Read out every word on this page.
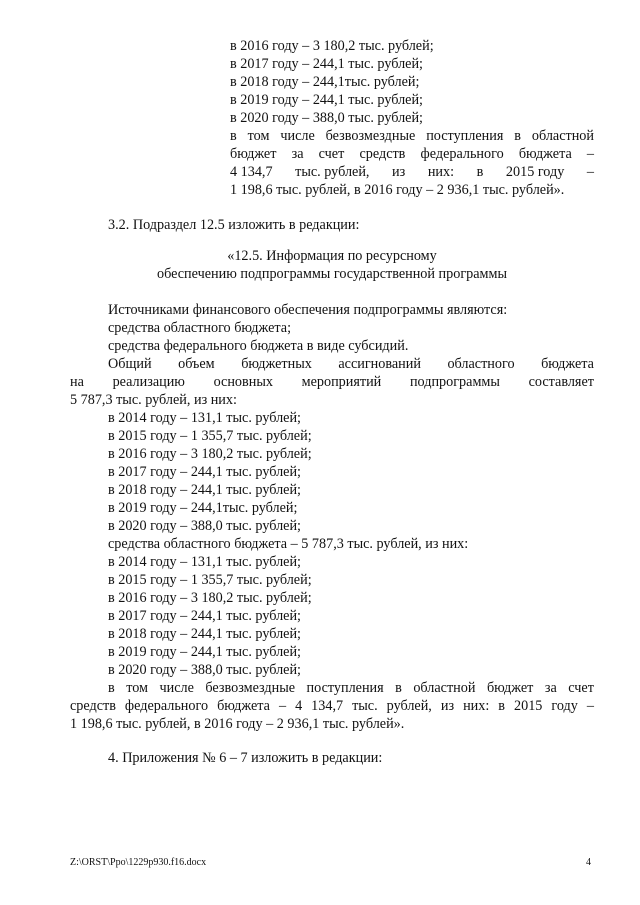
в 2016 году – 3 180,2 тыс. рублей;
в 2017 году – 244,1 тыс. рублей;
в 2018 году – 244,1тыс. рублей;
в 2019 году – 244,1 тыс. рублей;
в 2020 году – 388,0 тыс. рублей;
в том числе безвозмездные поступления в областной
бюджет за счет средств федерального бюджета –
4 134,7 тыс. рублей, из них: в 2015 году –
1 198,6 тыс. рублей, в 2016 году – 2 936,1 тыс. рублей».
3.2. Подраздел 12.5 изложить в редакции:
«12.5. Информация по ресурсному
обеспечению подпрограммы государственной программы
Источниками финансового обеспечения подпрограммы являются:
средства областного бюджета;
средства федерального бюджета в виде субсидий.
Общий объем бюджетных ассигнований областного бюджета
на реализацию основных мероприятий подпрограммы составляет
5 787,3 тыс. рублей, из них:
в 2014 году – 131,1 тыс. рублей;
в 2015 году – 1 355,7 тыс. рублей;
в 2016 году – 3 180,2 тыс. рублей;
в 2017 году – 244,1 тыс. рублей;
в 2018 году – 244,1 тыс. рублей;
в 2019 году – 244,1тыс. рублей;
в 2020 году – 388,0 тыс. рублей;
средства областного бюджета – 5 787,3 тыс. рублей, из них:
в 2014 году – 131,1 тыс. рублей;
в 2015 году – 1 355,7 тыс. рублей;
в 2016 году – 3 180,2 тыс. рублей;
в 2017 году – 244,1 тыс. рублей;
в 2018 году – 244,1 тыс. рублей;
в 2019 году – 244,1 тыс. рублей;
в 2020 году – 388,0 тыс. рублей;
в том числе безвозмездные поступления в областной бюджет за счет
средств федерального бюджета – 4 134,7 тыс. рублей, из них: в 2015 году –
1 198,6 тыс. рублей, в 2016 году – 2 936,1 тыс. рублей».
4. Приложения № 6 – 7 изложить в редакции:
Z:\ORST\Ppo\1229p930.f16.docx	4
